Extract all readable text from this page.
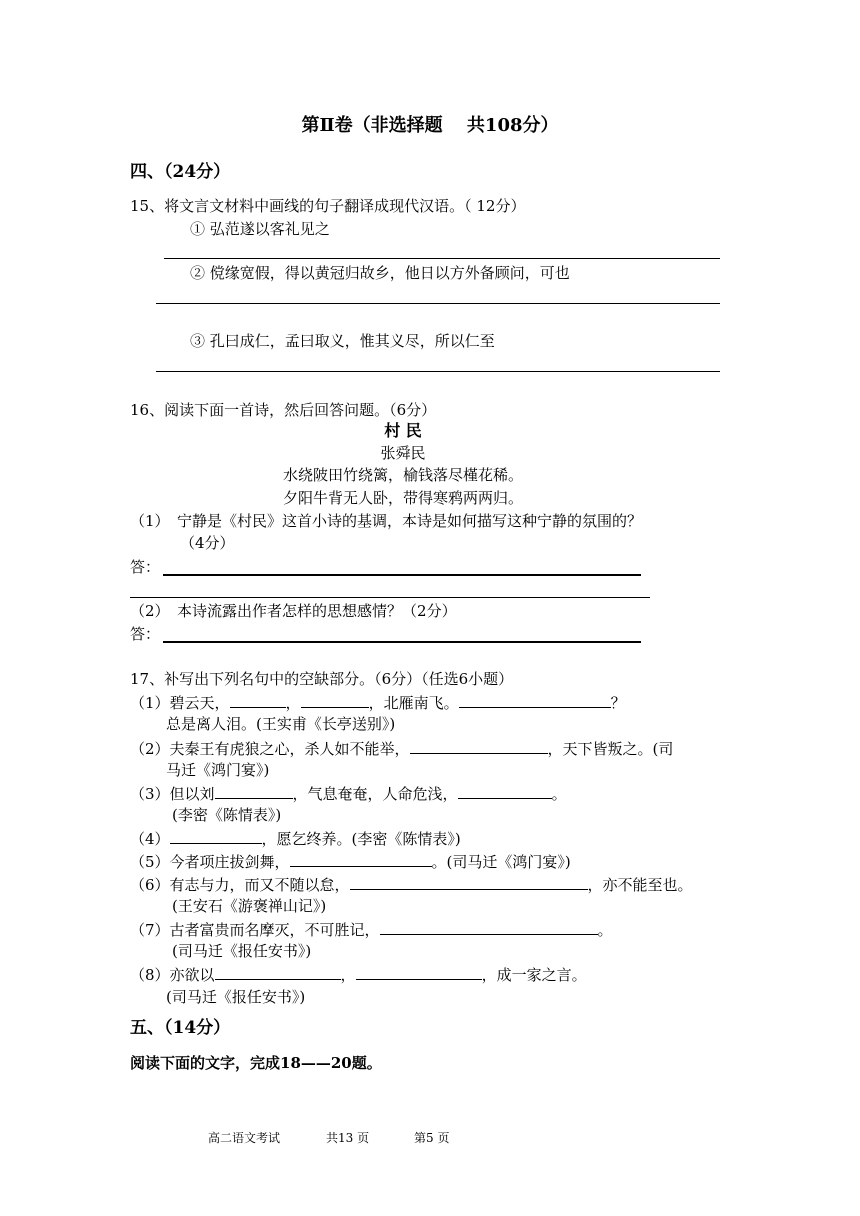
第Ⅱ卷（非选择题　 共108分）
四、（24分）
15、将文言文材料中画线的句子翻译成现代汉语。（ 12分）
① 弘范遂以客礼见之
② 傥缘宽假，得以黄冠归故乡，他日以方外备顾问，可也
③ 孔曰成仁，孟曰取义，惟其义尽，所以仁至
16、阅读下面一首诗，然后回答问题。（6分）
村 民
张舜民
水绕陂田竹绕篱，榆钱落尽槿花稀。
夕阳牛背无人卧，带得寒鸦两两归。
（1）　宁静是《村民》这首小诗的基调，本诗是如何描写这种宁静的氛围的？
（4分）
答：
（2）　本诗流露出作者怎样的思想感情？（2分）
答：
17、补写出下列名句中的空缺部分。（6分）（任选6小题）
（1）碧云天，	，	，北雁南飞。	？
总是离人泪。(王实甫《长亭送别》)
（2）夫秦王有虎狼之心，杀人如不能举，	，天下皆叛之。(司
马迁《鸿门宴》)
（3）但以刘	，气息奄奄，人命危浅，	。
(李密《陈情表》)
（4）	，愿乞终养。(李密《陈情表》)
（5）今者项庄拔剑舞，	。(司马迁《鸿门宴》)
（6）有志与力，而又不随以怠，	，亦不能至也。
(王安石《游褒禅山记》)
（7）古者富贵而名摩灭，不可胜记，	。
(司马迁《报任安书》)
（8）亦欲以	，	，成一家之言。
(司马迁《报任安书》)
五、（14分）
阅读下面的文字，完成18——20题。
高二语文考试	共13 页	第5 页
